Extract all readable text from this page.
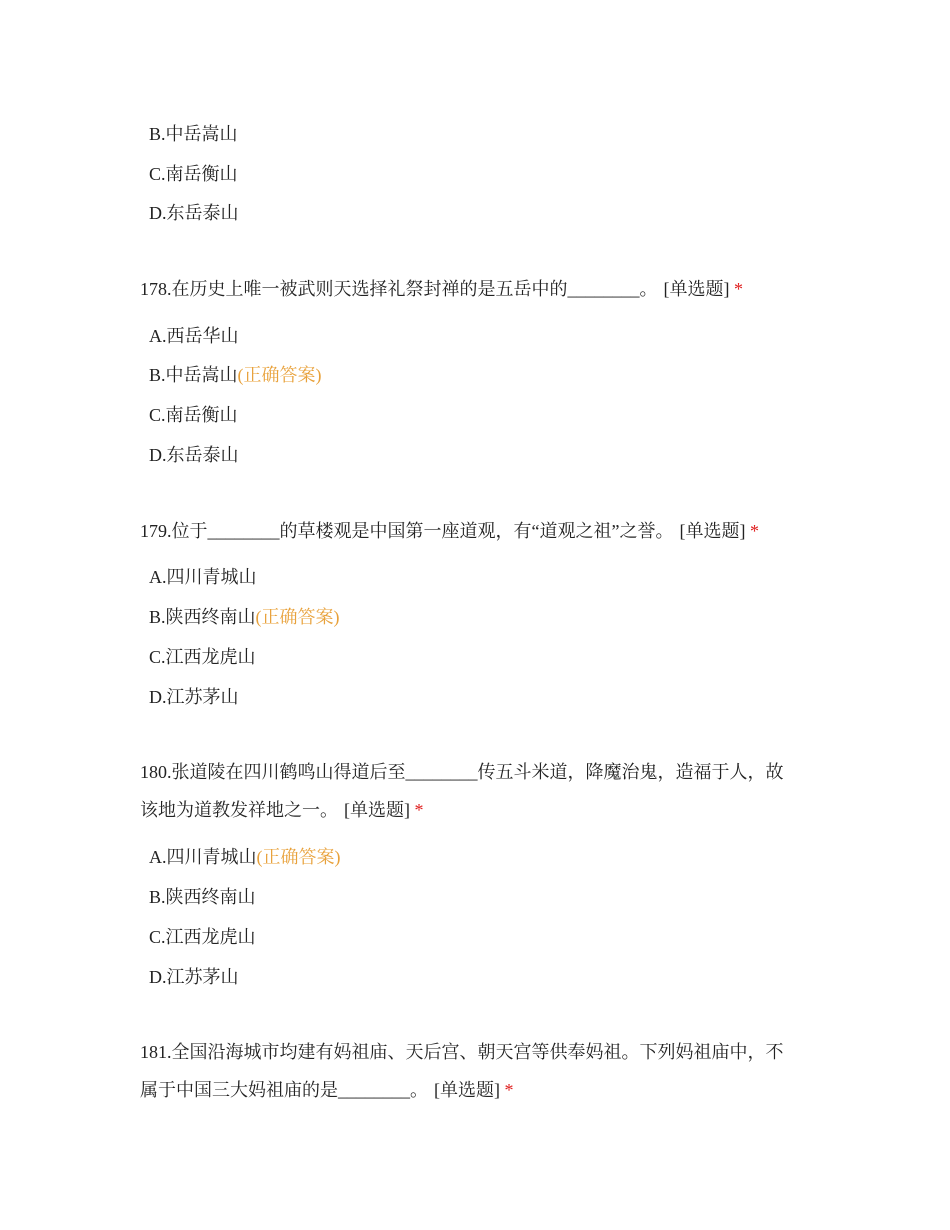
B.中岳嵩山
C.南岳衡山
D.东岳泰山
178.在历史上唯一被武则天选择礼祭封禅的是五岳中的________。 [单选题] *
A.西岳华山
B.中岳嵩山(正确答案)
C.南岳衡山
D.东岳泰山
179.位于________的草楼观是中国第一座道观，有“道观之祖”之誉。 [单选题] *
A.四川青城山
B.陕西终南山(正确答案)
C.江西龙虎山
D.江苏茅山
180.张道陵在四川鹤鸣山得道后至________传五斗米道，降魔治鬼，造福于人，故
该地为道教发祥地之一。 [单选题] *
A.四川青城山(正确答案)
B.陕西终南山
C.江西龙虎山
D.江苏茅山
181.全国沿海城市均建有妈祖庙、天后宫、朝天宫等供奉妈祖。下列妈祖庙中，不
属于中国三大妈祖庙的是________。 [单选题] *
